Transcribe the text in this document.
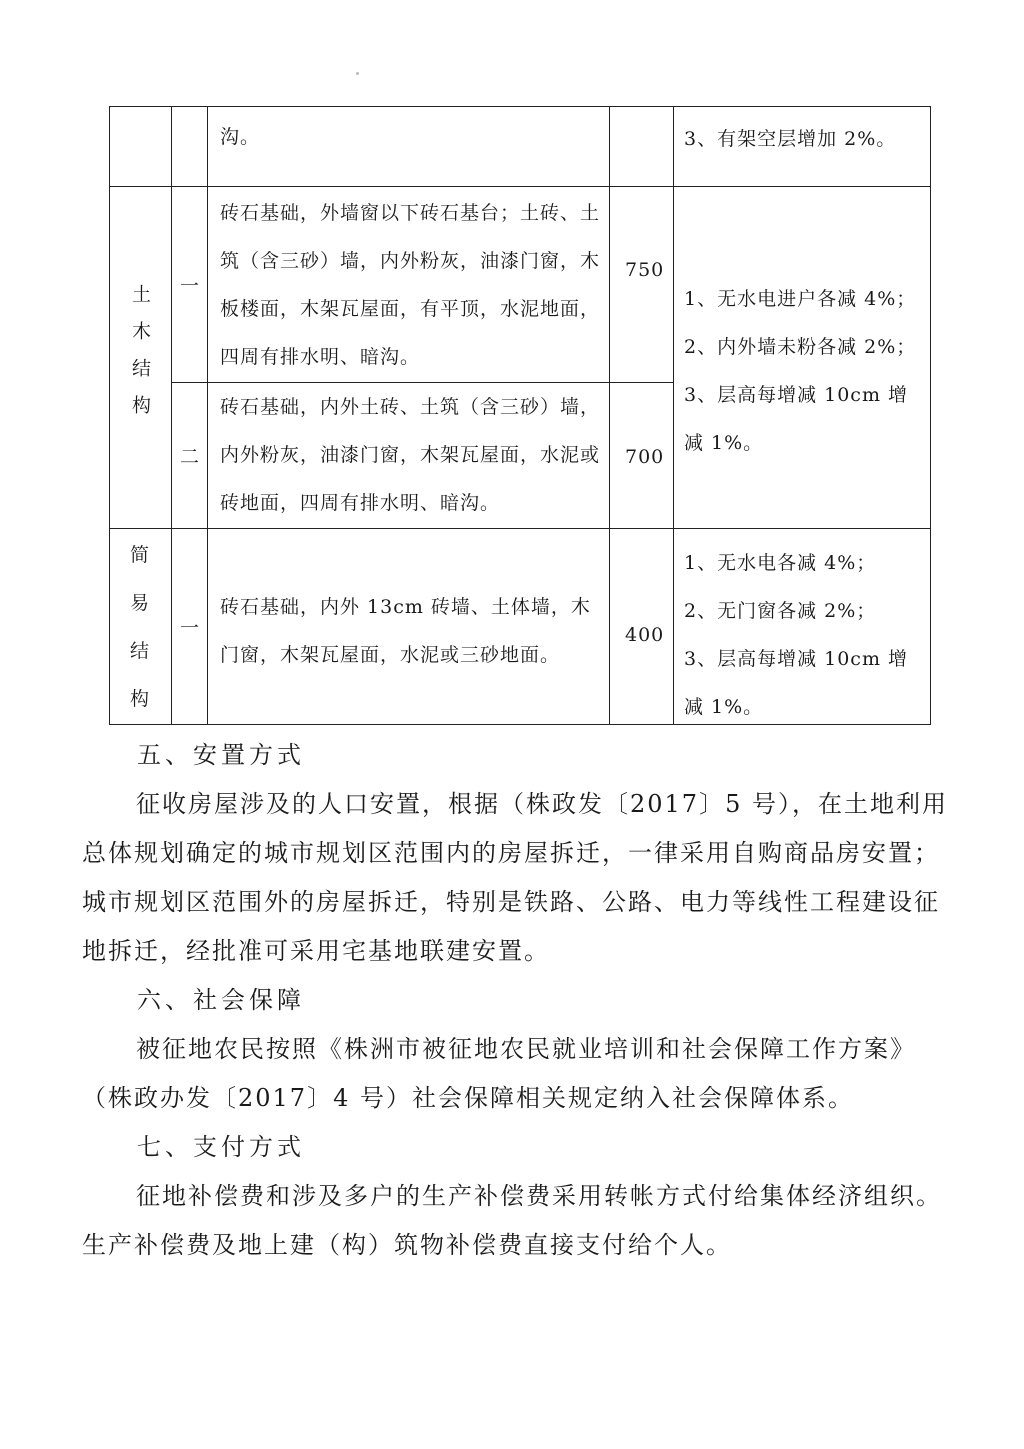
沟。	3、有架空层增加 2%。
土木结构 一
砖石基础，外墙窗以下砖石基台；土砖、土筑（含三砂）墙，内外粉灰，油漆门窗，木板楼面，木架瓦屋面，有平顶，水泥地面，四周有排水明、暗沟。
750
二
砖石基础，内外土砖、土筑（含三砂）墙，内外粉灰，油漆门窗，木架瓦屋面，水泥或砖地面，四周有排水明、暗沟。
700
1、无水电进户各减 4%；
2、内外墙未粉各减 2%；
3、层高每增减 10cm 增减 1%。
简易结构
一
砖石基础，内外 13cm 砖墙、土体墙，木门窗，木架瓦屋面，水泥或三砂地面。
400
1、无水电各减 4%；
2、无门窗各减 2%；
3、层高每增减 10cm 增减 1%。
五、安置方式
征收房屋涉及的人口安置，根据（株政发〔2017〕5 号），在土地利用总体规划确定的城市规划区范围内的房屋拆迁，一律采用自购商品房安置；城市规划区范围外的房屋拆迁，特别是铁路、公路、电力等线性工程建设征地拆迁，经批准可采用宅基地联建安置。
六、社会保障
被征地农民按照《株洲市被征地农民就业培训和社会保障工作方案》（株政办发〔2017〕4 号）社会保障相关规定纳入社会保障体系。
七、支付方式
征地补偿费和涉及多户的生产补偿费采用转帐方式付给集体经济组织。生产补偿费及地上建（构）筑物补偿费直接支付给个人。
